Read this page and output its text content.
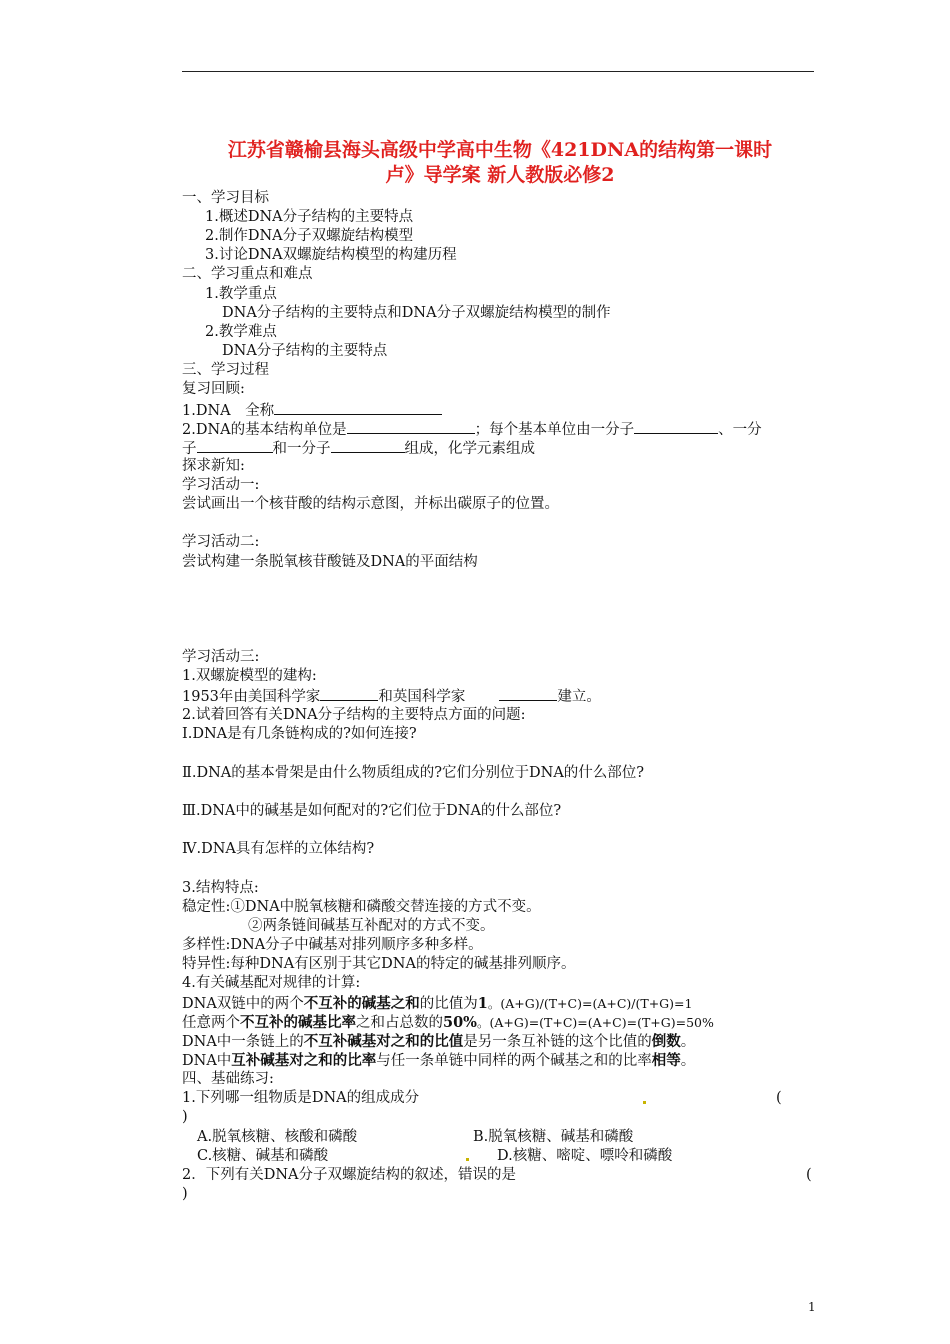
江苏省赣榆县海头高级中学高中生物《421DNA的结构第一课时
卢》导学案 新人教版必修2
一、学习目标
1.概述DNA分子结构的主要特点
2.制作DNA分子双螺旋结构模型
3.讨论DNA双螺旋结构模型的构建历程
二、学习重点和难点
1.教学重点
DNA分子结构的主要特点和DNA分子双螺旋结构模型的制作
2.教学难点
DNA分子结构的主要特点
三、学习过程
复习回顾:
1.DNA　全称
2.DNA的基本结构单位是	；每个基本单位由一分子	、一分
子	和一分子	组成，化学元素组成
探求新知:
学习活动一:
尝试画出一个核苷酸的结构示意图，并标出碳原子的位置。
学习活动二:
尝试构建一条脱氧核苷酸链及DNA的平面结构
学习活动三:
1.双螺旋模型的建构:
1953年由美国科学家	和英国科学家	建立。
2.试着回答有关DNA分子结构的主要特点方面的问题:
Ⅰ.DNA是有几条链构成的?如何连接?
Ⅱ.DNA的基本骨架是由什么物质组成的?它们分别位于DNA的什么部位?
Ⅲ.DNA中的碱基是如何配对的?它们位于DNA的什么部位?
Ⅳ.DNA具有怎样的立体结构?
3.结构特点:
稳定性:①DNA中脱氧核糖和磷酸交替连接的方式不变。
②两条链间碱基互补配对的方式不变。
多样性:DNA分子中碱基对排列顺序多种多样。
特异性:每种DNA有区别于其它DNA的特定的碱基排列顺序。
4.有关碱基配对规律的计算:
DNA双链中的两个不互补的碱基之和的比值为1。(A+G)/(T+C)=(A+C)/(T+G)=1
任意两个不互补的碱基比率之和占总数的50%。(A+G)=(T+C)=(A+C)=(T+G)=50%
DNA中一条链上的不互补碱基对之和的比值是另一条互补链的这个比值的倒数。
DNA中互补碱基对之和的比率与任一条单链中同样的两个碱基之和的比率相等。
四、基础练习:
1.下列哪一组物质是DNA的组成成分	(
)
A.脱氧核糖、核酸和磷酸	B.脱氧核糖、碱基和磷酸
C.核糖、碱基和磷酸	D.核糖、嘧啶、嘌呤和磷酸
2．下列有关DNA分子双螺旋结构的叙述，错误的是	(
)
1
